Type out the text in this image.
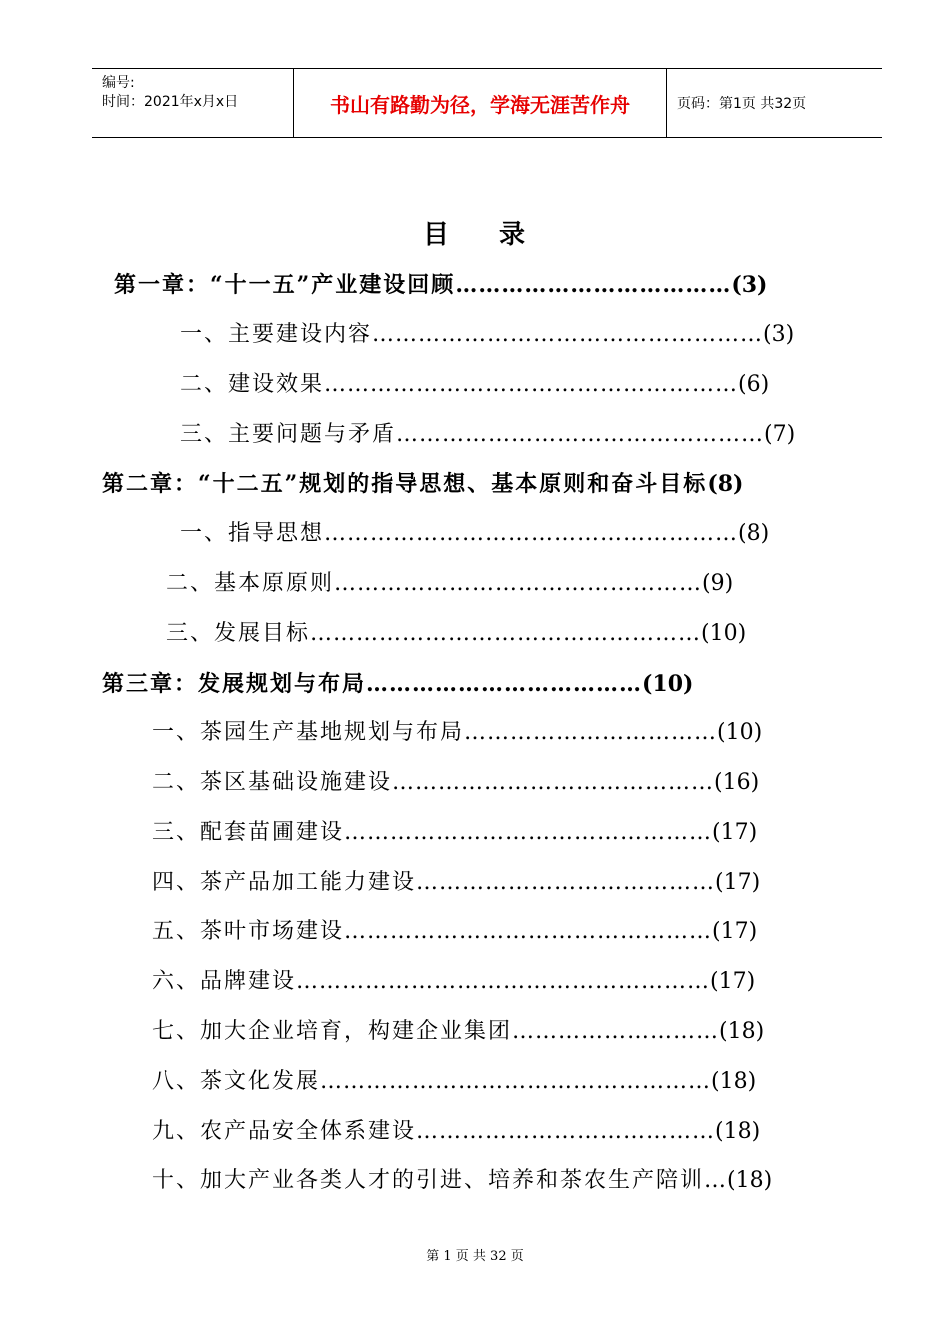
编号:
时间：2021年x月x日	书山有路勤为径，学海无涯苦作舟	页码：第1页 共32页
目 录
第一章：“十一五”产业建设回顾………………………………(3)
一、主要建设内容……………………………………………(3)
二、建设效果………………………………………………(6)
三、主要问题与矛盾…………………………………………(7)
第二章：“十二五”规划的指导思想、基本原则和奋斗目标(8)
一、指导思想………………………………………………(8)
二、基本原原则…………………………………………(9)
三、发展目标……………………………………………(10)
第三章：发展规划与布局………………………………(10)
一、茶园生产基地规划与布局……………………………(10)
二、茶区基础设施建设……………………………………(16)
三、配套苗圃建设…………………………………………(17)
四、茶产品加工能力建设…………………………………(17)
五、茶叶市场建设…………………………………………(17)
六、品牌建设………………………………………………(17)
七、加大企业培育，构建企业集团………………………(18)
八、茶文化发展……………………………………………(18)
九、农产品安全体系建设…………………………………(18)
十、加大产业各类人才的引进、培养和茶农生产陪训…(18)
第 1 页 共 32 页
